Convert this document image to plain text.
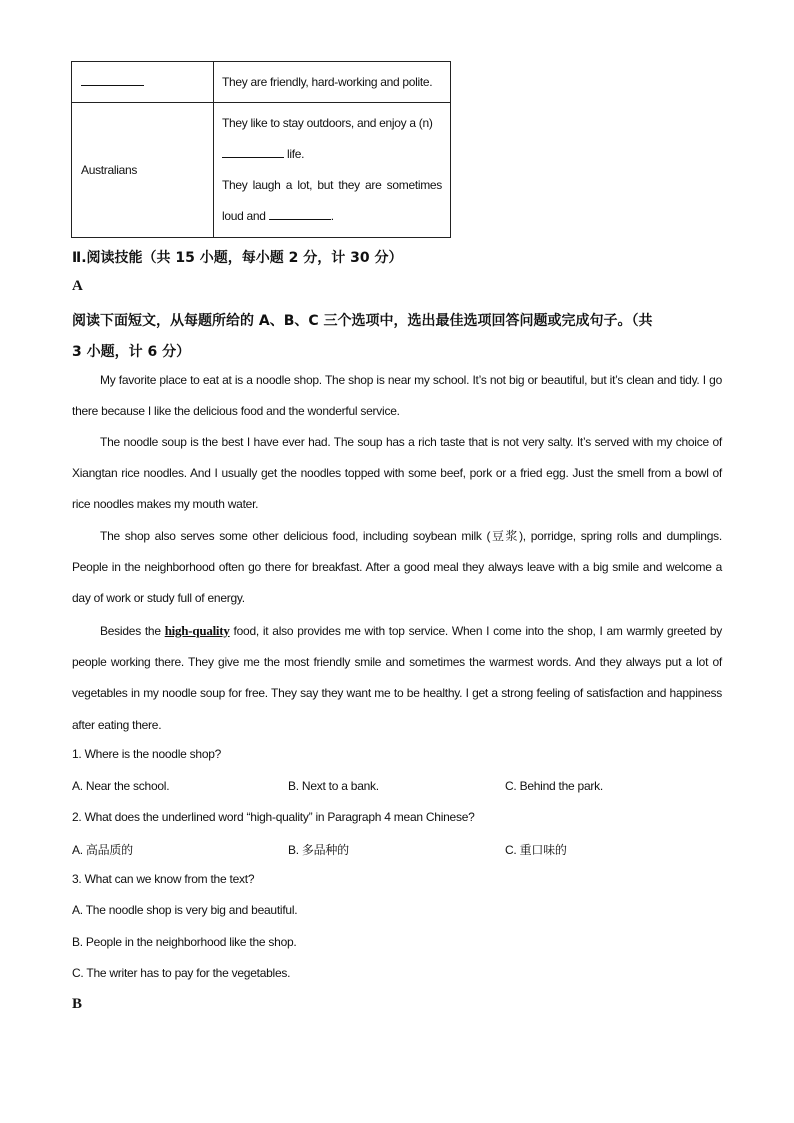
	They are friendly, hard-working and polite.
Australians	They like to stay outdoors, and enjoy a (n)
life.
They laugh a lot, but they are sometimes
loud and .
Ⅱ.阅读技能（共 15 小题，每小题 2 分，计 30 分）
A
阅读下面短文，从每题所给的 A、B、C 三个选项中，选出最佳选项回答问题或完成句子。（共
3 小题，计 6 分）

My favorite place to eat at is a noodle shop. The shop is near my school. It’s not big or beautiful, but it’s clean and tidy. I go there because I like the delicious food and the wonderful service.

The noodle soup is the best I have ever had. The soup has a rich taste that is not very salty. It’s served with my choice of Xiangtan rice noodles. And I usually get the noodles topped with some beef, pork or a fried egg. Just the smell from a bowl of rice noodles makes my mouth water.

The shop also serves some other delicious food, including soybean milk (豆浆), porridge, spring rolls and dumplings. People in the neighborhood often go there for breakfast. After a good meal they always leave with a big smile and welcome a day of work or study full of energy.

Besides the high-quality food, it also provides me with top service. When I come into the shop, I am warmly greeted by people working there. They give me the most friendly smile and sometimes the warmest words. And they always put a lot of vegetables in my noodle soup for free. They say they want me to be healthy. I get a strong feeling of satisfaction and happiness after eating there.

1. Where is the noodle shop?
A. Near the school.	B. Next to a bank.	C. Behind the park.
2. What does the underlined word “high-quality” in Paragraph 4 mean Chinese?
A. 高品质的	B. 多品种的	C. 重口味的
3. What can we know from the text?
A. The noodle shop is very big and beautiful.
B. People in the neighborhood like the shop.
C. The writer has to pay for the vegetables.
B
